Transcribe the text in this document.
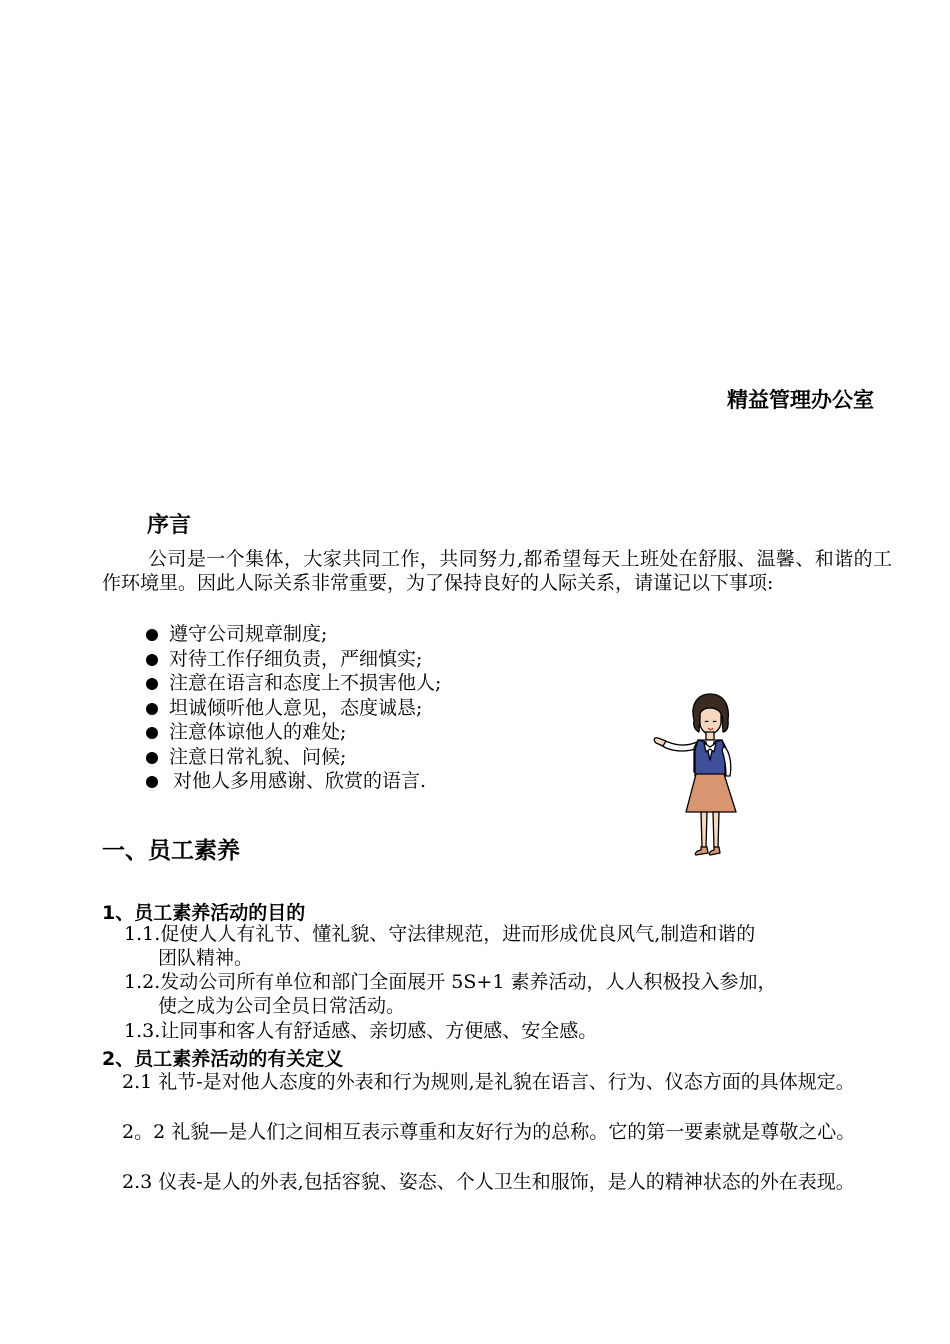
精益管理办公室
序言
公司是一个集体，大家共同工作，共同努力,都希望每天上班处在舒服、温馨、和谐的工作环境里。因此人际关系非常重要，为了保持良好的人际关系，请谨记以下事项:
遵守公司规章制度;
对待工作仔细负责，严细慎实;
注意在语言和态度上不损害他人;
坦诚倾听他人意见，态度诚恳;
注意体谅他人的难处;
注意日常礼貌、问候;
对他人多用感谢、欣赏的语言.
一、员工素养
1、员工素养活动的目的
1.1.促使人人有礼节、懂礼貌、守法律规范，进而形成优良风气,制造和谐的
团队精神。
1.2.发动公司所有单位和部门全面展开 5S+1 素养活动，人人积极投入参加，
使之成为公司全员日常活动。
1.3.让同事和客人有舒适感、亲切感、方便感、安全感。
2、员工素养活动的有关定义
2.1 礼节-是对他人态度的外表和行为规则,是礼貌在语言、行为、仪态方面的具体规定。
2。2 礼貌—是人们之间相互表示尊重和友好行为的总称。它的第一要素就是尊敬之心。
2.3 仪表-是人的外表,包括容貌、姿态、个人卫生和服饰，是人的精神状态的外在表现。
